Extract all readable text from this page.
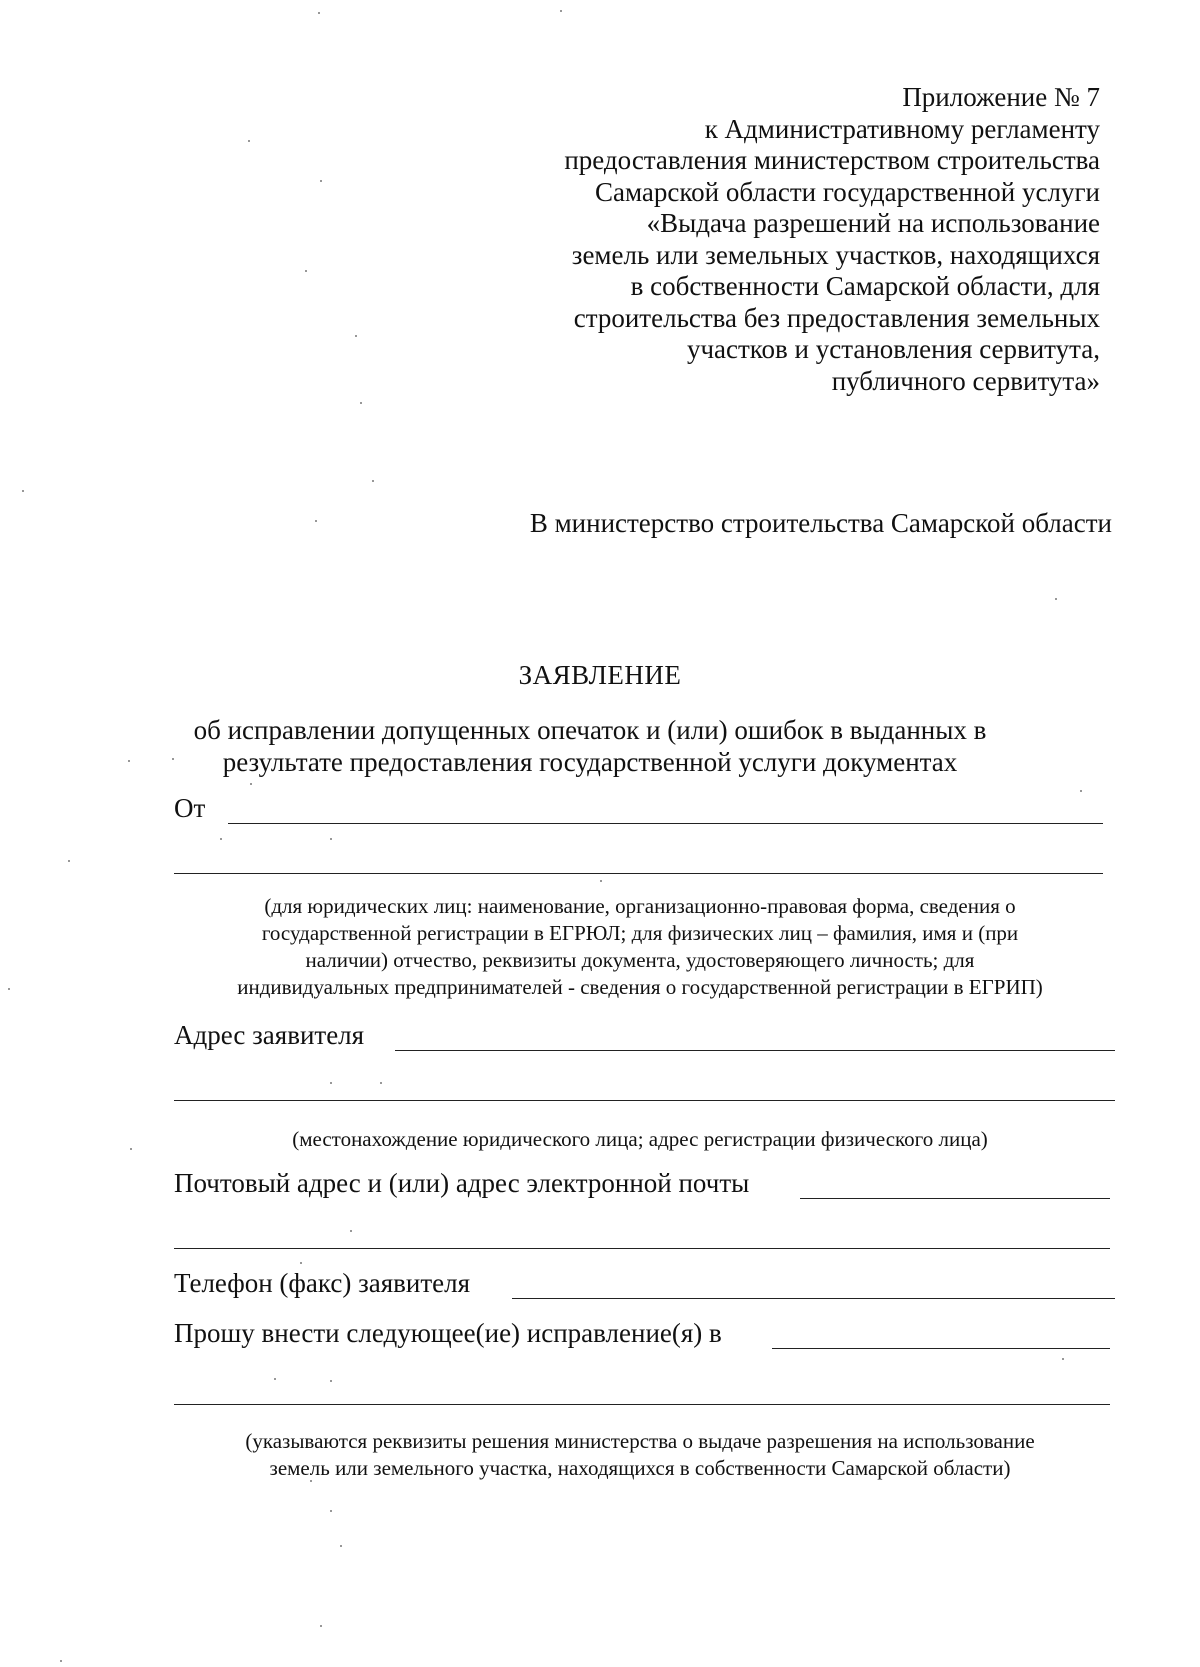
Приложение № 7
к Административному регламенту
предоставления министерством строительства
Самарской области государственной услуги
«Выдача разрешений на использование
земель или земельных участков, находящихся
в собственности Самарской области, для
строительства без предоставления земельных
участков и установления сервитута,
публичного сервитута»
В министерство строительства Самарской области
ЗАЯВЛЕНИЕ
об исправлении допущенных опечаток и (или) ошибок в выданных в
результате предоставления государственной услуги документах
От
(для юридических лиц: наименование, организационно-правовая форма, сведения о
государственной регистрации в ЕГРЮЛ; для физических лиц – фамилия, имя и (при
наличии) отчество, реквизиты документа, удостоверяющего личность; для
индивидуальных предпринимателей - сведения о государственной регистрации в ЕГРИП)
Адрес заявителя
(местонахождение юридического лица; адрес регистрации физического лица)
Почтовый адрес и (или) адрес электронной почты
Телефон (факс) заявителя
Прошу внести следующее(ие) исправление(я) в
(указываются реквизиты решения министерства о выдаче разрешения на использование
земель или земельного участка, находящихся в собственности Самарской области)
